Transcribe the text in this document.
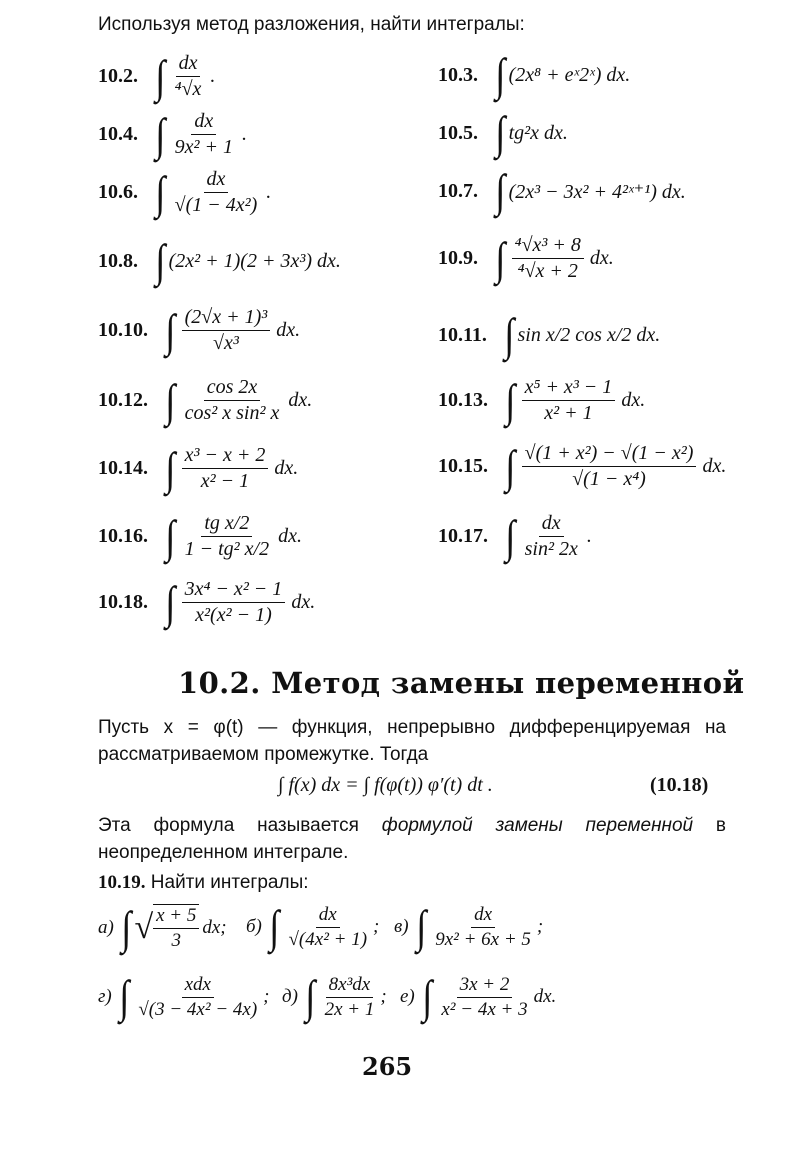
Используя метод разложения, найти интегралы:
10.2. ∫ $\frac{dx}{\text{⁴√x}}$ .	10.3. ∫ (2x⁸ + eˣ2ˣ) dx.
10.4. ∫ $\frac{dx}{\text{9x² + 1}}$ .	10.5. ∫ tg²x dx.
10.6. ∫ $\frac{dx}{\text{√(1 − 4x²)}}$ .	10.7. ∫ (2x³ − 3x² + 4²ˣ⁺¹) dx.
10.8. ∫ (2x² + 1)(2 + 3x³) dx.	10.9. ∫ $\frac{\text{⁴√x³ + 8}}{\text{⁴√x + 2}}$ dx.
10.10. ∫ $\frac{\text{(2√x + 1)³}}{\text{√x³}}$ dx.	10.11. ∫ sin x/2 cos x/2 dx.
10.12. ∫ $\frac{\cos 2x}{\text{cos² x sin² x}}$ dx.	10.13. ∫ $\frac{\text{x⁵ + x³ − 1}}{\text{x² + 1}}$ dx.
10.14. ∫ $\frac{\text{x³ − x + 2}}{\text{x² − 1}}$ dx.	10.15. ∫ $\frac{\text{√(1 + x²) − √(1 − x²)}}{\text{√(1 − x⁴)}}$ dx.
10.16. ∫ $\frac{\text{tg x/2}}{\text{1 − tg² x/2}}$ dx.	10.17. ∫ $\frac{dx}{\text{sin² 2x}}$ .
10.18. ∫ $\frac{\text{3x⁴ − x² − 1}}{\text{x²(x² − 1)}}$ dx.
10.2. Метод замены переменной
Пусть x = φ(t) — функция, непрерывно дифференцируемая на рассматриваемом промежутке. Тогда
∫ f(x) dx = ∫ f(φ(t)) φ′(t) dt .	(10.18)
Эта формула называется формулой замены переменной в неопределенном интеграле.
10.19. Найти интегралы:
а) ∫ √ $\frac{x + 5}{3}$ dx; б) ∫ $\frac{dx}{\text{√(4x² + 1)}}$ ; в) ∫ $\frac{dx}{\text{9x² + 6x + 5}}$ ;
г) ∫ $\frac{\text{xdx}}{\text{√(3 − 4x² − 4x)}}$ ; д) ∫ $\frac{\text{8x³dx}}{2x + 1}$ ; е) ∫ $\frac{3x + 2}{\text{x² − 4x + 3}}$ dx.
265
